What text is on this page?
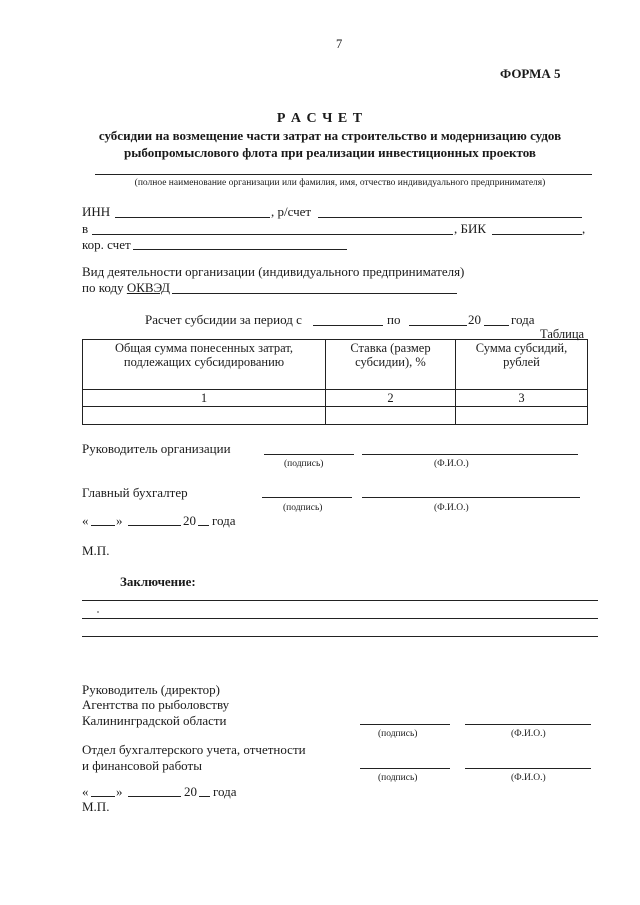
7
ФОРМА 5
Р А С Ч Е Т
субсидии на возмещение части затрат на строительство и модернизацию судов
рыбопромыслового флота при реализации инвестиционных проектов
(полное наименование организации или фамилия, имя, отчество индивидуального предпринимателя)
ИНН	, р/счет
в	, БИК	,
кор. счет
Вид деятельности организации (индивидуального предпринимателя)
по коду ОКВЭД
Расчет субсидии за период с	по	20 года
Таблица
Общая сумма понесенных затрат, подлежащих субсидированию	Ставка (размер субсидии), %	Сумма субсидий, рублей
1	2	3

Руководитель организации
(подпись)	(Ф.И.О.)
Главный бухгалтер
(подпись)	(Ф.И.О.)
« »	20 года
М.П.
Заключение:
Руководитель (директор)
Агентства по рыболовству
Калининградской области
(подпись)	(Ф.И.О.)
Отдел бухгалтерского учета, отчетности
и финансовой работы
(подпись)	(Ф.И.О.)
« »	20 года
М.П.
